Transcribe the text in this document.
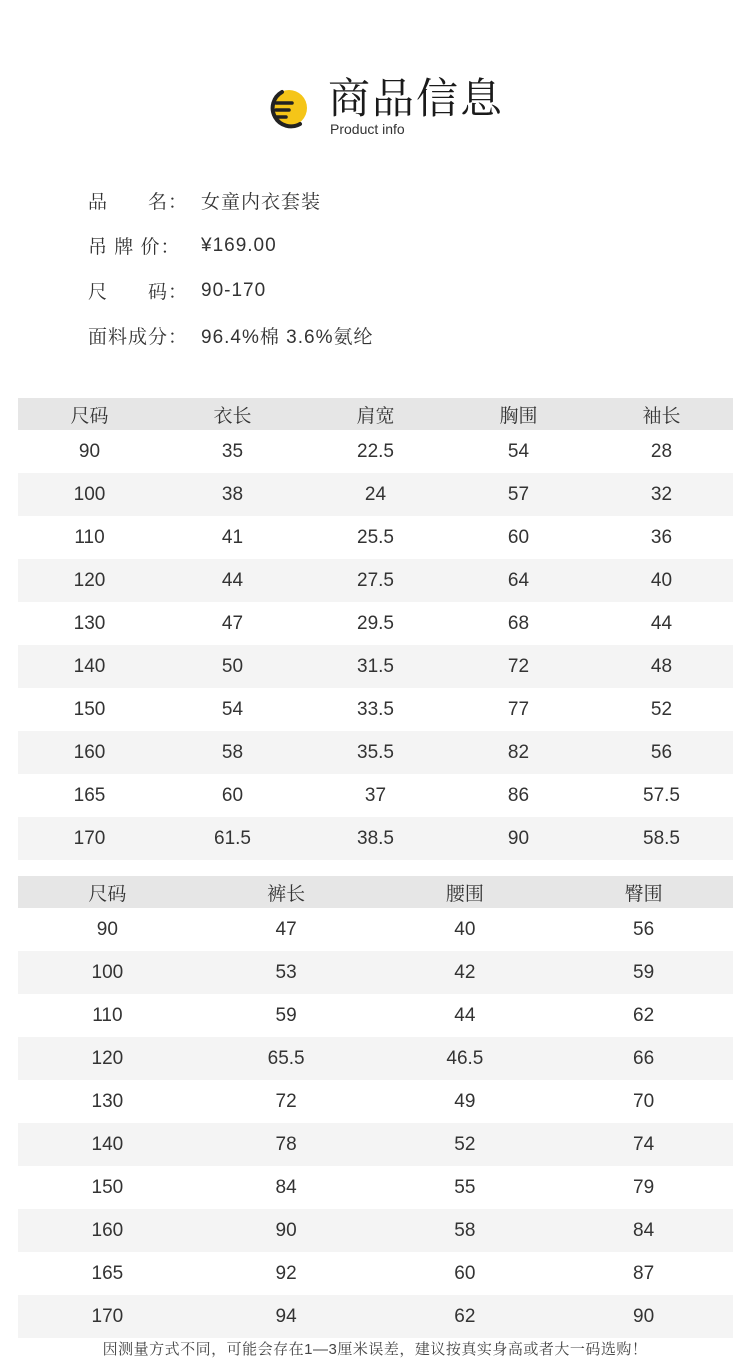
商品信息
Product info
品　　名： 女童内衣套装
吊 牌 价：	¥169.00
尺　　码： 90-170
面料成分： 96.4%棉 3.6%氨纶
尺码	衣长	肩宽	胸围	袖长
90	35	22.5	54	28
100	38	24	57	32
110	41	25.5	60	36
120	44	27.5	64	40
130	47	29.5	68	44
140	50	31.5	72	48
150	54	33.5	77	52
160	58	35.5	82	56
165	60	37	86	57.5
170	61.5	38.5	90	58.5
尺码	裤长	腰围	臀围
90	47	40	56
100	53	42	59
110	59	44	62
120	65.5	46.5	66
130	72	49	70
140	78	52	74
150	84	55	79
160	90	58	84
165	92	60	87
170	94	62	90
因测量方式不同，可能会存在1—3厘米误差，建议按真实身高或者大一码选购！
